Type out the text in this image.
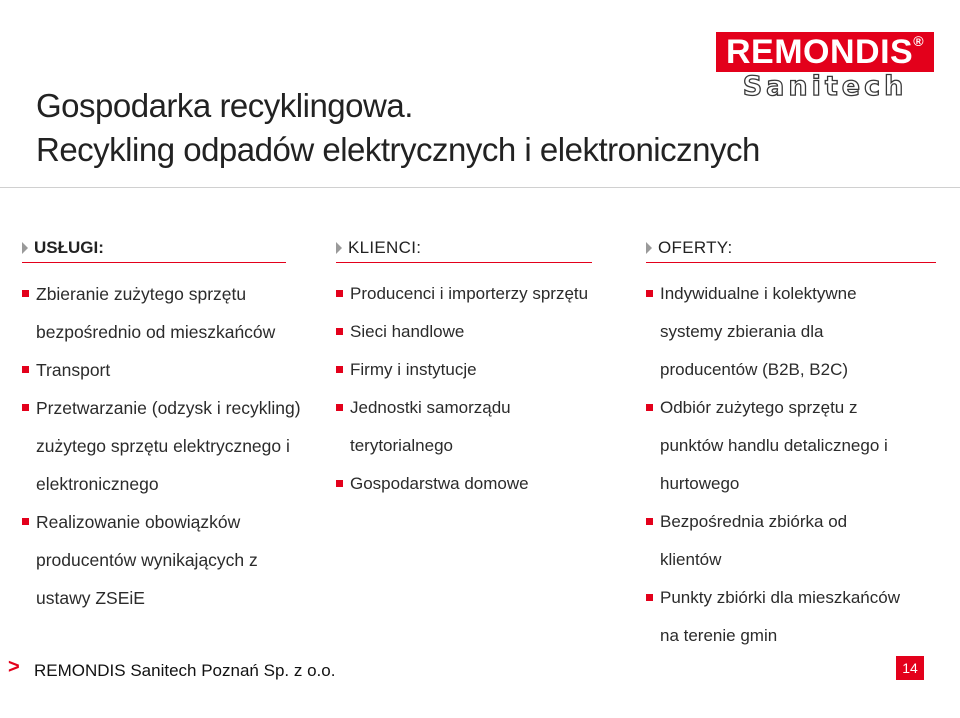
Gospodarka recyklingowa.
Recykling odpadów elektrycznych i elektronicznych
REMONDIS®
Sanitech
USŁUGI:
Zbieranie zużytego sprzętu
bezpośrednio od mieszkańców
Transport
Przetwarzanie (odzysk i recykling)
zużytego sprzętu elektrycznego i
elektronicznego
Realizowanie obowiązków
producentów wynikających z
ustawy ZSEiE
KLIENCI:
Producenci i importerzy sprzętu
Sieci handlowe
Firmy i instytucje
Jednostki samorządu
terytorialnego
Gospodarstwa domowe
OFERTY:
Indywidualne i kolektywne
systemy zbierania dla
producentów (B2B, B2C)
Odbiór zużytego sprzętu z
punktów handlu detalicznego i
hurtowego
Bezpośrednia zbiórka od
klientów
Punkty zbiórki dla mieszkańców
na terenie gmin
> REMONDIS Sanitech Poznań Sp. z o.o.	14
